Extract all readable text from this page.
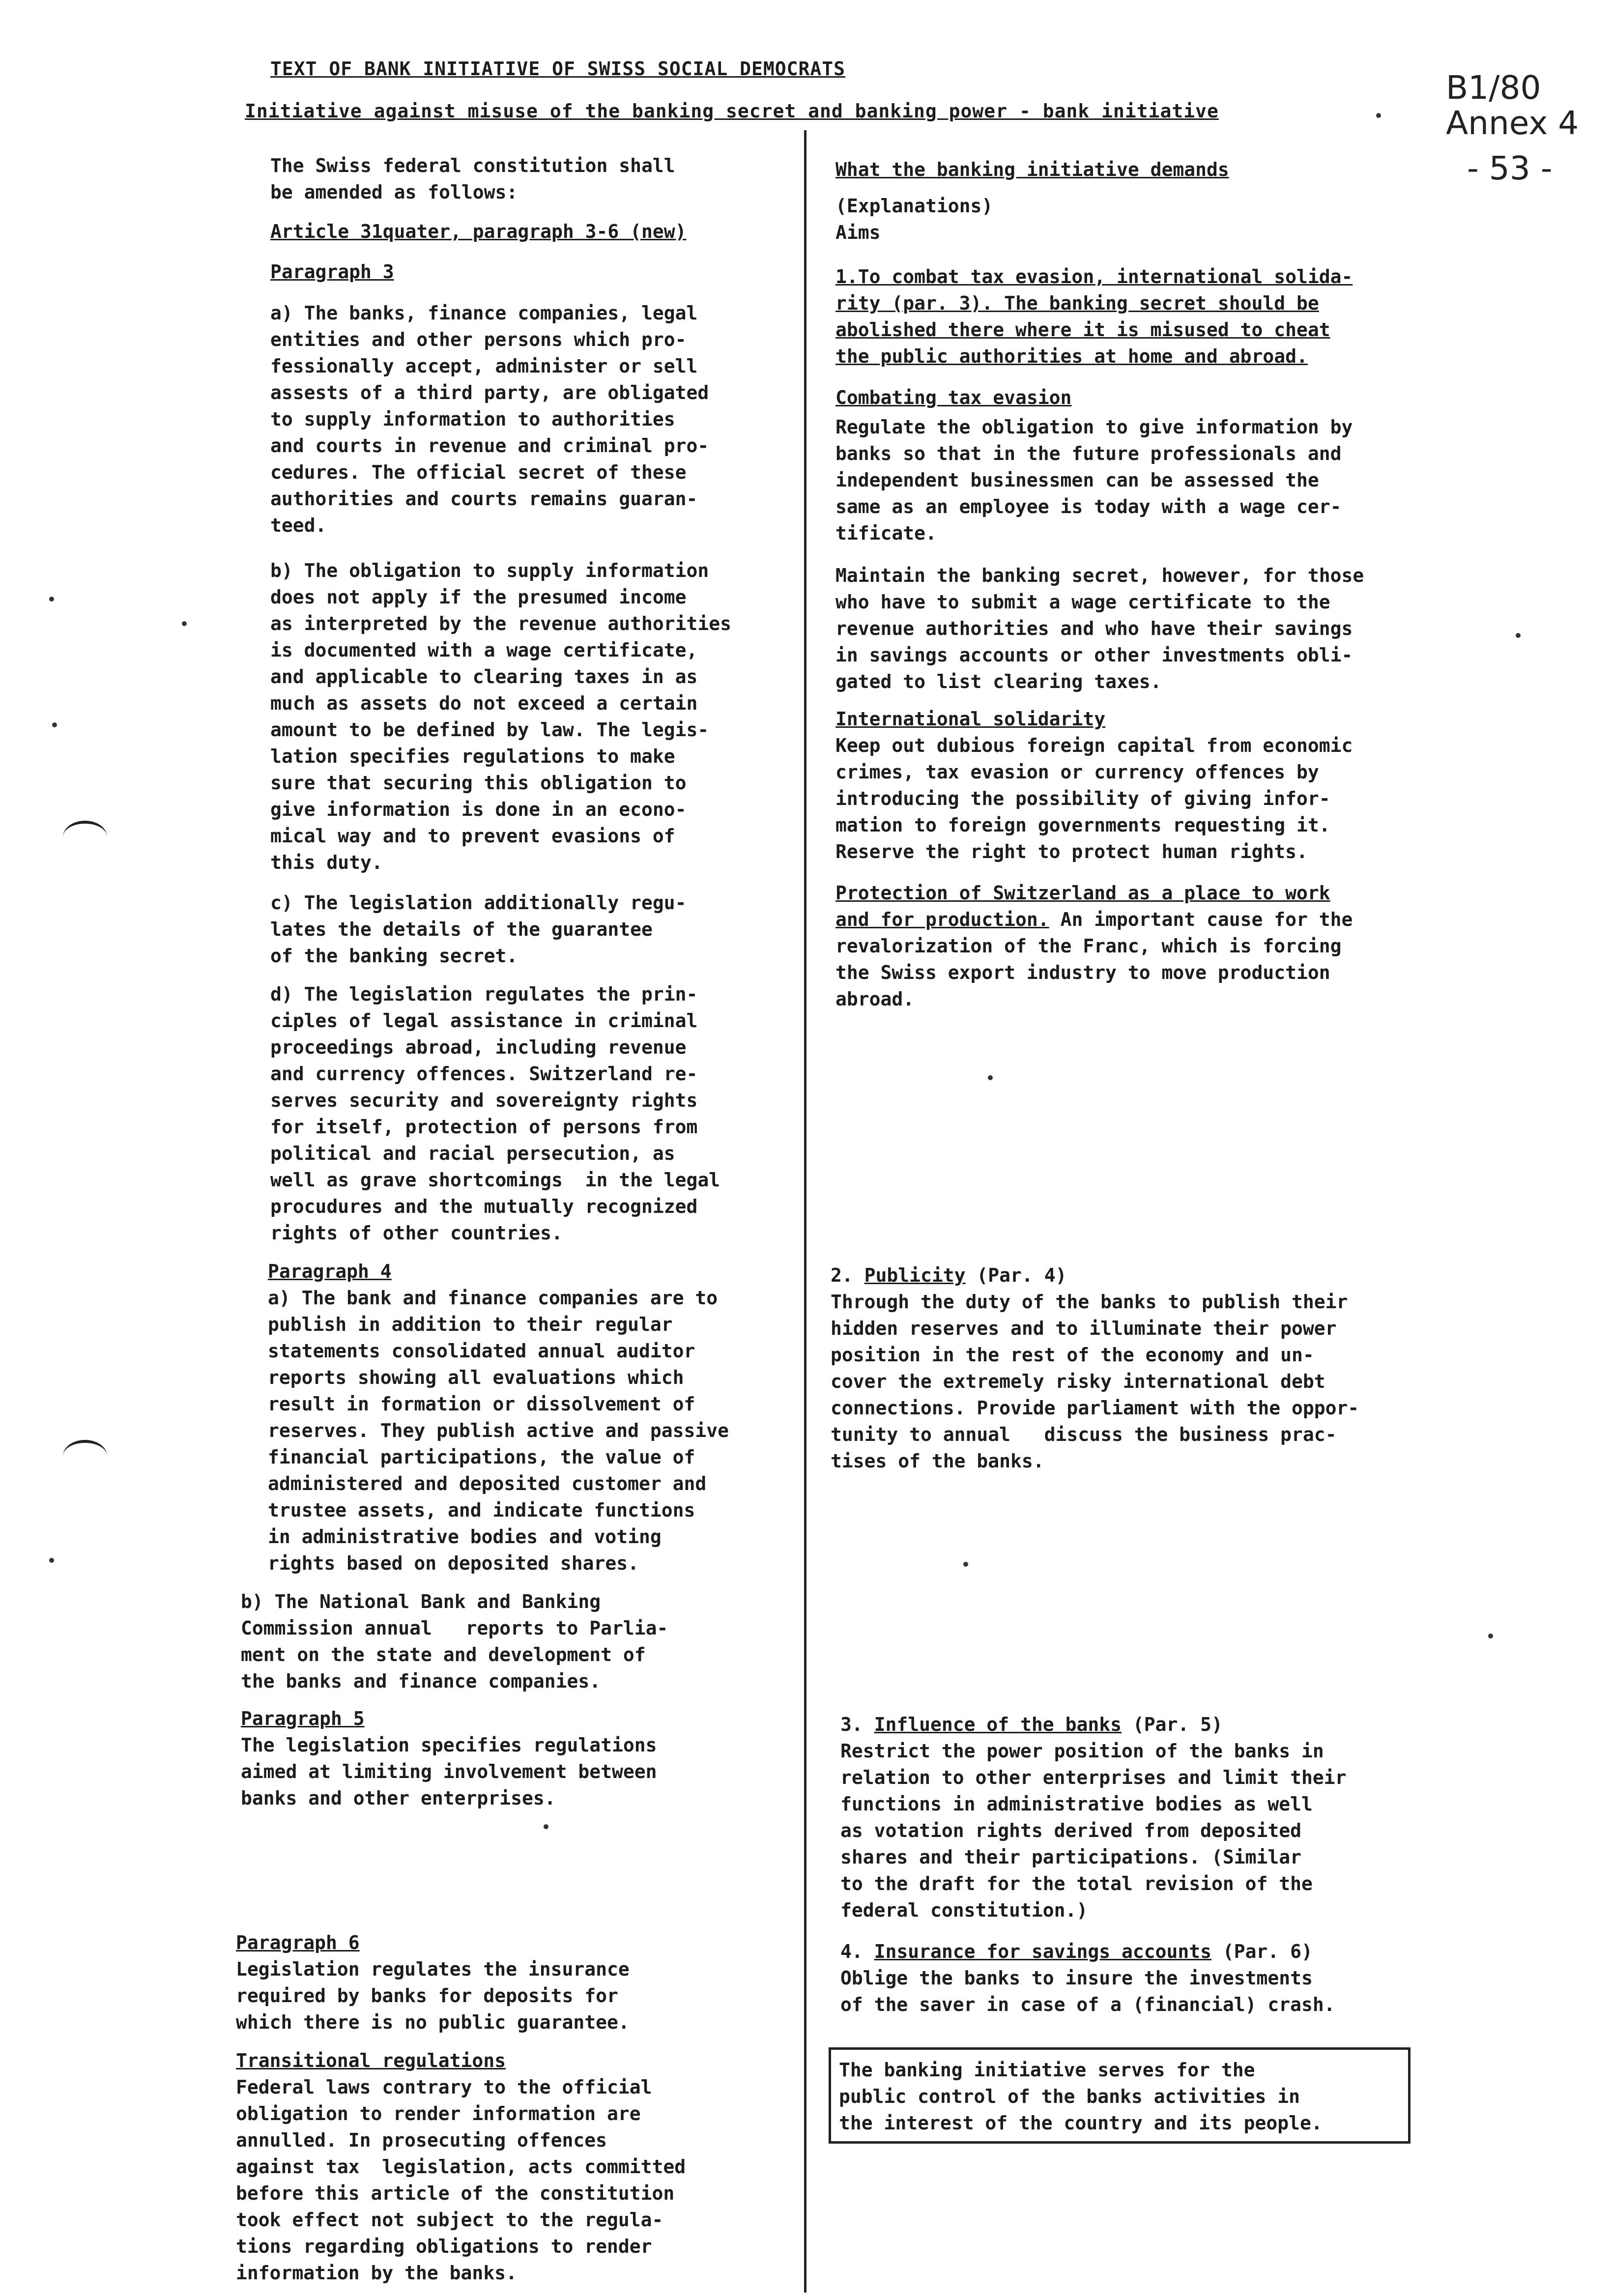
TEXT OF BANK INITIATIVE OF SWISS SOCIAL DEMOCRATS

Initiative against misuse of the banking secret and banking power - bank initiative

B1/80

Annex 4

- 53 -

The Swiss federal constitution shall
be amended as follows:

Article 31quater, paragraph 3-6 (new)

Paragraph 3

a) The banks, finance companies, legal
entities and other persons which pro-
fessionally accept, administer or sell
assests of a third party, are obligated
to supply information to authorities
and courts in revenue and criminal pro-
cedures. The official secret of these
authorities and courts remains guaran-
teed.

b) The obligation to supply information
does not apply if the presumed income
as interpreted by the revenue authorities
is documented with a wage certificate,
and applicable to clearing taxes in as
much as assets do not exceed a certain
amount to be defined by law. The legis-
lation specifies regulations to make
sure that securing this obligation to
give information is done in an econo-
mical way and to prevent evasions of
this duty.

c) The legislation additionally regu-
lates the details of the guarantee
of the banking secret.

d) The legislation regulates the prin-
ciples of legal assistance in criminal
proceedings abroad, including revenue
and currency offences. Switzerland re-
serves security and sovereignty rights
for itself, protection of persons from
political and racial persecution, as
well as grave shortcomings  in the legal
procudures and the mutually recognized
rights of other countries.

Paragraph 4

a) The bank and finance companies are to
publish in addition to their regular
statements consolidated annual auditor
reports showing all evaluations which
result in formation or dissolvement of
reserves. They publish active and passive
financial participations, the value of
administered and deposited customer and
trustee assets, and indicate functions
in administrative bodies and voting
rights based on deposited shares.

b) The National Bank and Banking
Commission annual   reports to Parlia-
ment on the state and development of
the banks and finance companies.

Paragraph 5

The legislation specifies regulations
aimed at limiting involvement between
banks and other enterprises.

Paragraph 6

Legislation regulates the insurance
required by banks for deposits for
which there is no public guarantee.

Transitional regulations

Federal laws contrary to the official
obligation to render information are
annulled. In prosecuting offences
against tax  legislation, acts committed
before this article of the constitution
took effect not subject to the regula-
tions regarding obligations to render
information by the banks.

What the banking initiative demands

(Explanations)

Aims

1.To combat tax evasion, international solida-
rity (par. 3). The banking secret should be
abolished there where it is misused to cheat
the public authorities at home and abroad.

Combating tax evasion

Regulate the obligation to give information by
banks so that in the future professionals and
independent businessmen can be assessed the
same as an employee is today with a wage cer-
tificate.

Maintain the banking secret, however, for those
who have to submit a wage certificate to the
revenue authorities and who have their savings
in savings accounts or other investments obli-
gated to list clearing taxes.

International solidarity

Keep out dubious foreign capital from economic
crimes, tax evasion or currency offences by
introducing the possibility of giving infor-
mation to foreign governments requesting it.
Reserve the right to protect human rights.

Protection of Switzerland as a place to work
and for production. An important cause for the
revalorization of the Franc, which is forcing
the Swiss export industry to move production
abroad.

2. Publicity (Par. 4)

Through the duty of the banks to publish their
hidden reserves and to illuminate their power
position in the rest of the economy and un-
cover the extremely risky international debt
connections. Provide parliament with the oppor-
tunity to annual   discuss the business prac-
tises of the banks.

3. Influence of the banks (Par. 5)

Restrict the power position of the banks in
relation to other enterprises and limit their
functions in administrative bodies as well
as votation rights derived from deposited
shares and their participations. (Similar
to the draft for the total revision of the
federal constitution.)

4. Insurance for savings accounts (Par. 6)

Oblige the banks to insure the investments
of the saver in case of a (financial) crash.

The banking initiative serves for the
public control of the banks activities in
the interest of the country and its people.
